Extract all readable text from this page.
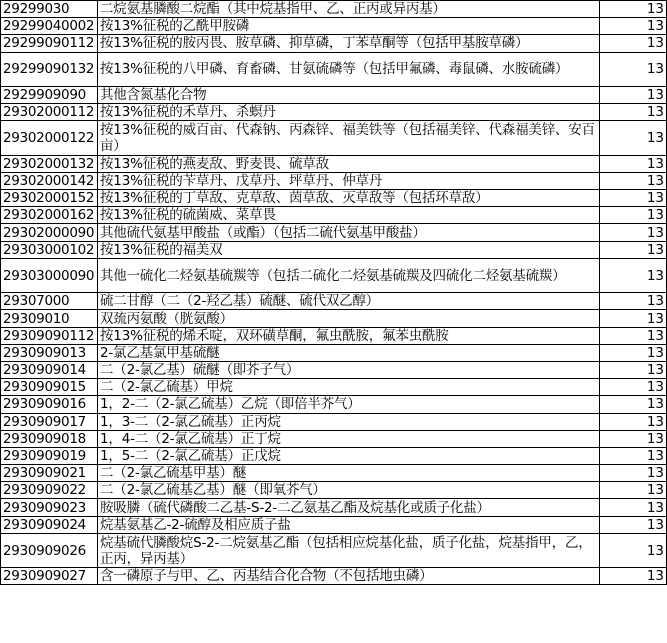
29299030	二烷氨基膦酸二烷酯（其中烷基指甲、乙、正丙或异丙基）	13
29299040002	按13%征税的乙酰甲胺磷	13
29299090112	按13%征税的胺丙畏、胺草磷、抑草磷，丁苯草酮等（包括甲基胺草磷）	13
29299090132	按13%征税的八甲磷、育畜磷、甘氨硫磷等（包括甲氟磷、毒鼠磷、水胺硫磷）	13
2929909090	其他含氮基化合物	13
29302000112	按13%征税的禾草丹、杀螟丹	13
29302000122	按13%征税的威百亩、代森钠、丙森锌、福美铁等（包括福美锌、代森福美锌、安百亩）	13
29302000132	按13%征税的燕麦敌、野麦畏、硫草敌	13
29302000142	按13%征税的苄草丹、戊草丹、坪草丹、仲草丹	13
29302000152	按13%征税的丁草敌、克草敌、茵草敌、灭草敌等（包括环草敌）	13
29302000162	按13%征税的硫菌威、菜草畏	13
29302000090	其他硫代氨基甲酸盐（或酯）（包括二硫代氨基甲酸盐）	13
29303000102	按13%征税的福美双	13
29303000090	其他一硫化二烃氨基硫羰等（包括二硫化二烃氨基硫羰及四硫化二烃氨基硫羰）	13
29307000	硫二甘醇（二（2-羟乙基）硫醚、硫代双乙醇）	13
29309010	双巯丙氨酸（胱氨酸）	13
29309090112	按13%征税的烯禾啶，双环磺草酮，氟虫酰胺，氟苯虫酰胺	13
2930909013	2-氯乙基氯甲基硫醚	13
2930909014	二（2-氯乙基）硫醚（即芥子气）	13
2930909015	二（2-氯乙硫基）甲烷	13
2930909016	1，2-二（2-氯乙硫基）乙烷（即倍半芥气）	13
2930909017	1，3-二（2-氯乙硫基）正丙烷	13
2930909018	1，4-二（2-氯乙硫基）正丁烷	13
2930909019	1，5-二（2-氯乙硫基）正戊烷	13
2930909021	二（2-氯乙硫基甲基）醚	13
2930909022	二（2-氯乙硫基乙基）醚（即氧芥气）	13
2930909023	胺吸膦（硫代磷酸二乙基-S-2-二乙氨基乙酯及烷基化或质子化盐）	13
2930909024	烷基氨基乙-2-硫醇及相应质子盐	13
2930909026	烷基硫代膦酸烷S-2-二烷氨基乙酯（包括相应烷基化盐，质子化盐，烷基指甲，乙，正丙，异丙基）	13
2930909027	含一磷原子与甲、乙、丙基结合化合物（不包括地虫磷）	13
